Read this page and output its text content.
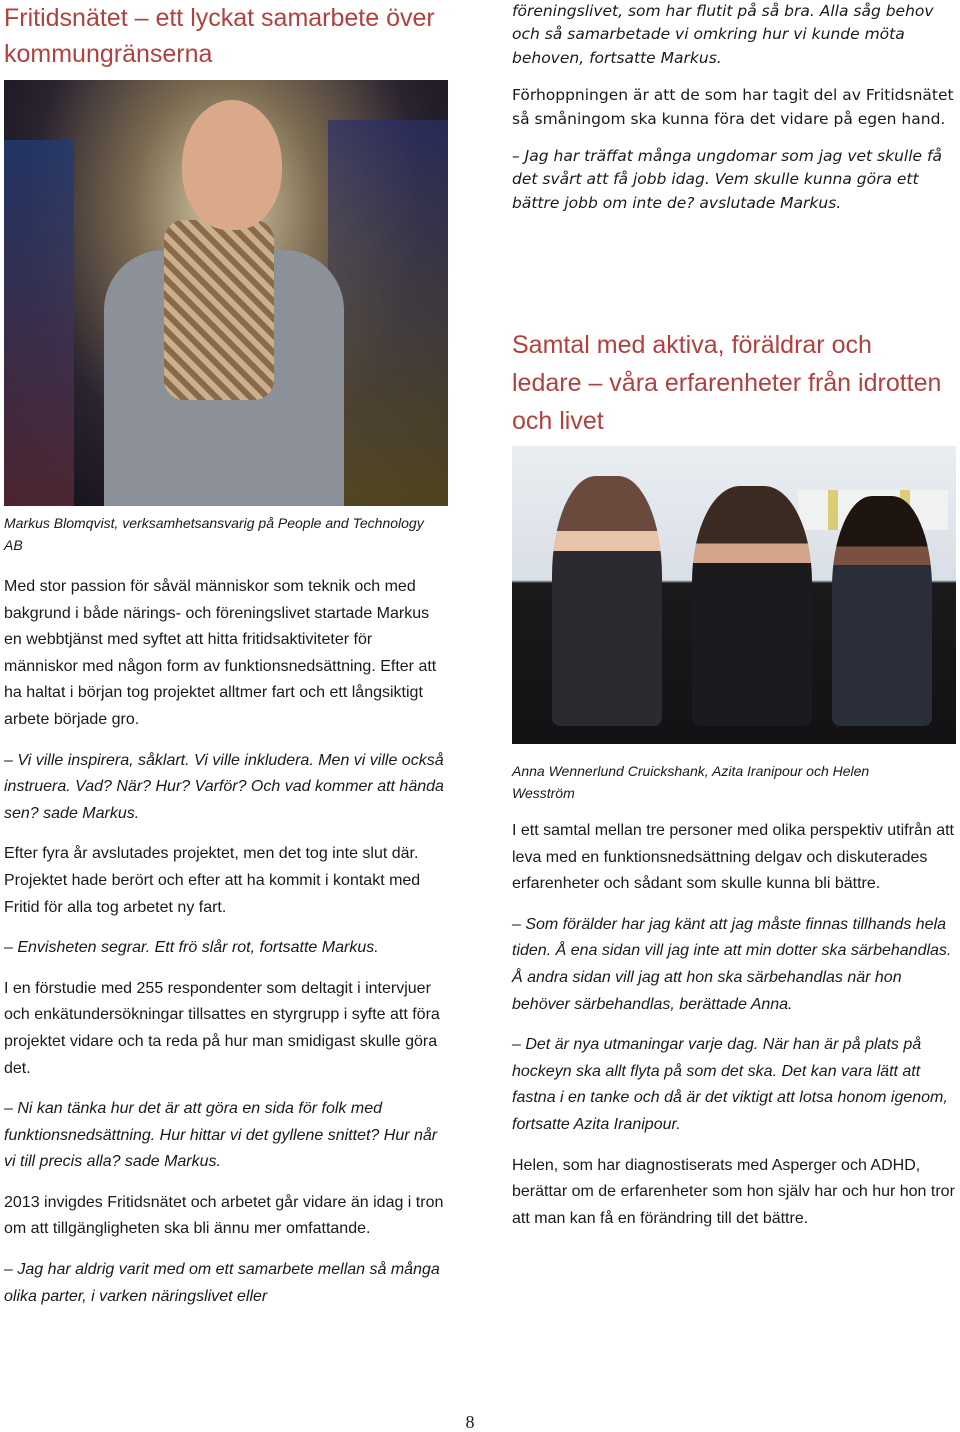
Fritidsnätet – ett lyckat samarbete över kommungränserna

Markus Blomqvist, verksamhetsansvarig på People and Technology AB

föreningslivet, som har flutit på så bra. Alla såg behov och så samarbetade vi omkring hur vi kunde möta behoven, fortsatte Markus.

Förhoppningen är att de som har tagit del av Fritidsnätet så småningom ska kunna föra det vidare på egen hand.

– Jag har träffat många ungdomar som jag vet skulle få det svårt att få jobb idag. Vem skulle kunna göra ett bättre jobb om inte de? avslutade Markus.

Samtal med aktiva, föräldrar och ledare – våra erfarenheter från idrotten och livet

Anna Wennerlund Cruickshank, Azita Iranipour och Helen Wesström

Med stor passion för såväl människor som teknik och med bakgrund i både närings- och föreningslivet startade Markus en webbtjänst med syftet att hitta fritidsaktiviteter för människor med någon form av funktionsnedsättning. Efter att ha haltat i början tog projektet alltmer fart och ett långsiktigt arbete började gro.

– Vi ville inspirera, såklart. Vi ville inkludera. Men vi ville också instruera. Vad? När? Hur? Varför? Och vad kommer att hända sen? sade Markus.

Efter fyra år avslutades projektet, men det tog inte slut där. Projektet hade berört och efter att ha kommit i kontakt med Fritid för alla tog arbetet ny fart.

– Envisheten segrar. Ett frö slår rot, fortsatte Markus.

I en förstudie med 255 respondenter som deltagit i intervjuer och enkätundersökningar tillsattes en styrgrupp i syfte att föra projektet vidare och ta reda på hur man smidigast skulle göra det.

– Ni kan tänka hur det är att göra en sida för folk med funktionsnedsättning. Hur hittar vi det gyllene snittet? Hur når vi till precis alla? sade Markus.

2013 invigdes Fritidsnätet och arbetet går vidare än idag i tron om att tillgängligheten ska bli ännu mer omfattande.

– Jag har aldrig varit med om ett samarbete mellan så många olika parter, i varken näringslivet eller

I ett samtal mellan tre personer med olika perspektiv utifrån att leva med en funktionsnedsättning delgav och diskuterades erfarenheter och sådant som skulle kunna bli bättre.

– Som förälder har jag känt att jag måste finnas tillhands hela tiden. Å ena sidan vill jag inte att min dotter ska särbehandlas. Å andra sidan vill jag att hon ska särbehandlas när hon behöver särbehandlas, berättade Anna.

– Det är nya utmaningar varje dag. När han är på plats på hockeyn ska allt flyta på som det ska. Det kan vara lätt att fastna i en tanke och då är det viktigt att lotsa honom igenom, fortsatte Azita Iranipour.

Helen, som har diagnostiserats med Asperger och ADHD, berättar om de erfarenheter som hon själv har och hur hon tror att man kan få en förändring till det bättre.

8
